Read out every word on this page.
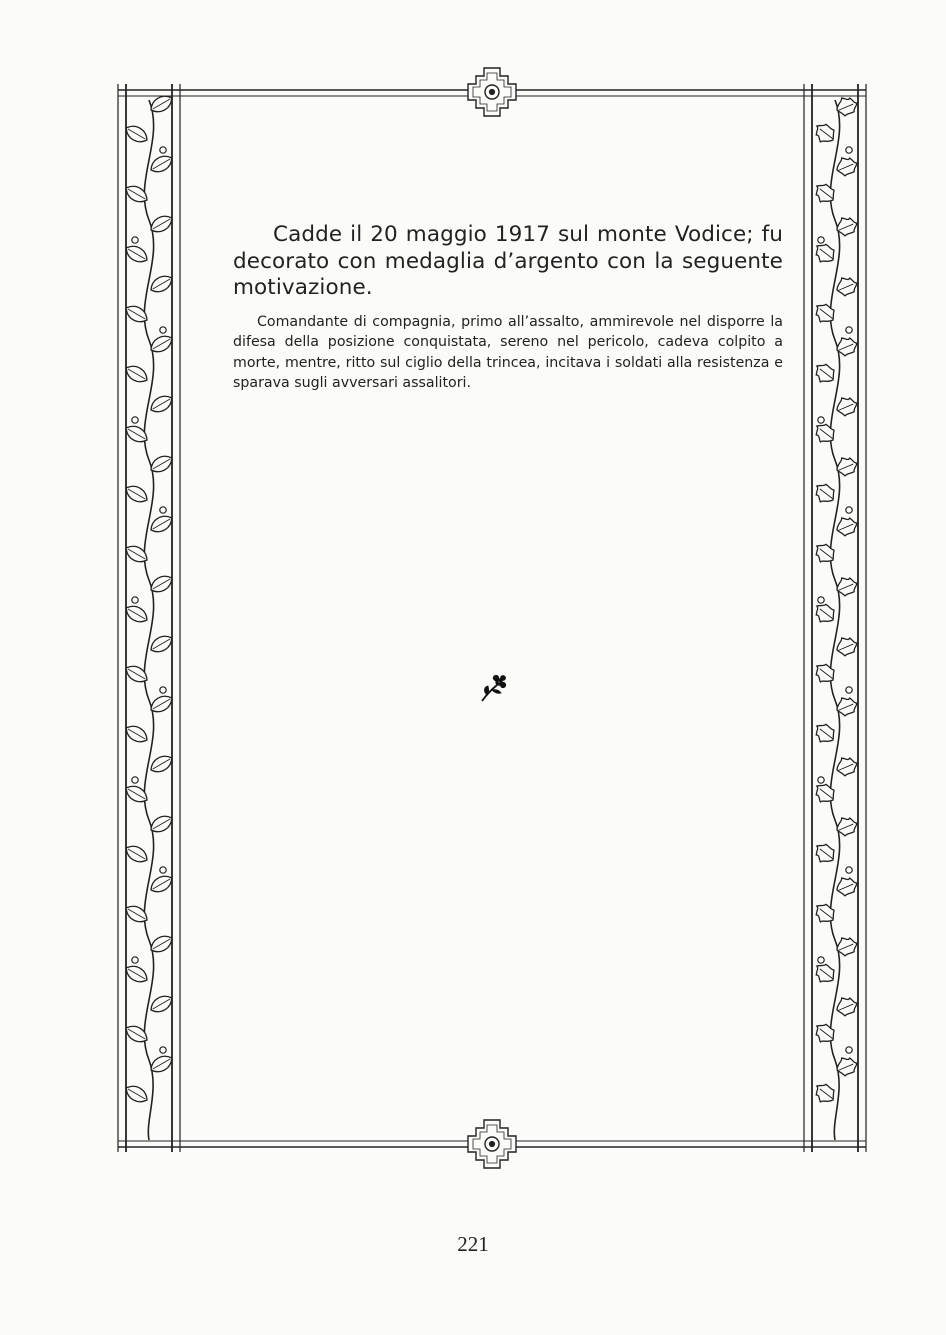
Cadde il 20 maggio 1917 sul monte Vodice; fu decorato con medaglia d’argento con la seguente motivazione.

Comandante di compagnia, primo all’assalto, ammirevole nel disporre la difesa della posizione conquistata, sereno nel pericolo, cadeva colpito a morte, mentre, ritto sul ciglio della trincea, incitava i soldati alla resistenza e sparava sugli avversari assalitori.

221
